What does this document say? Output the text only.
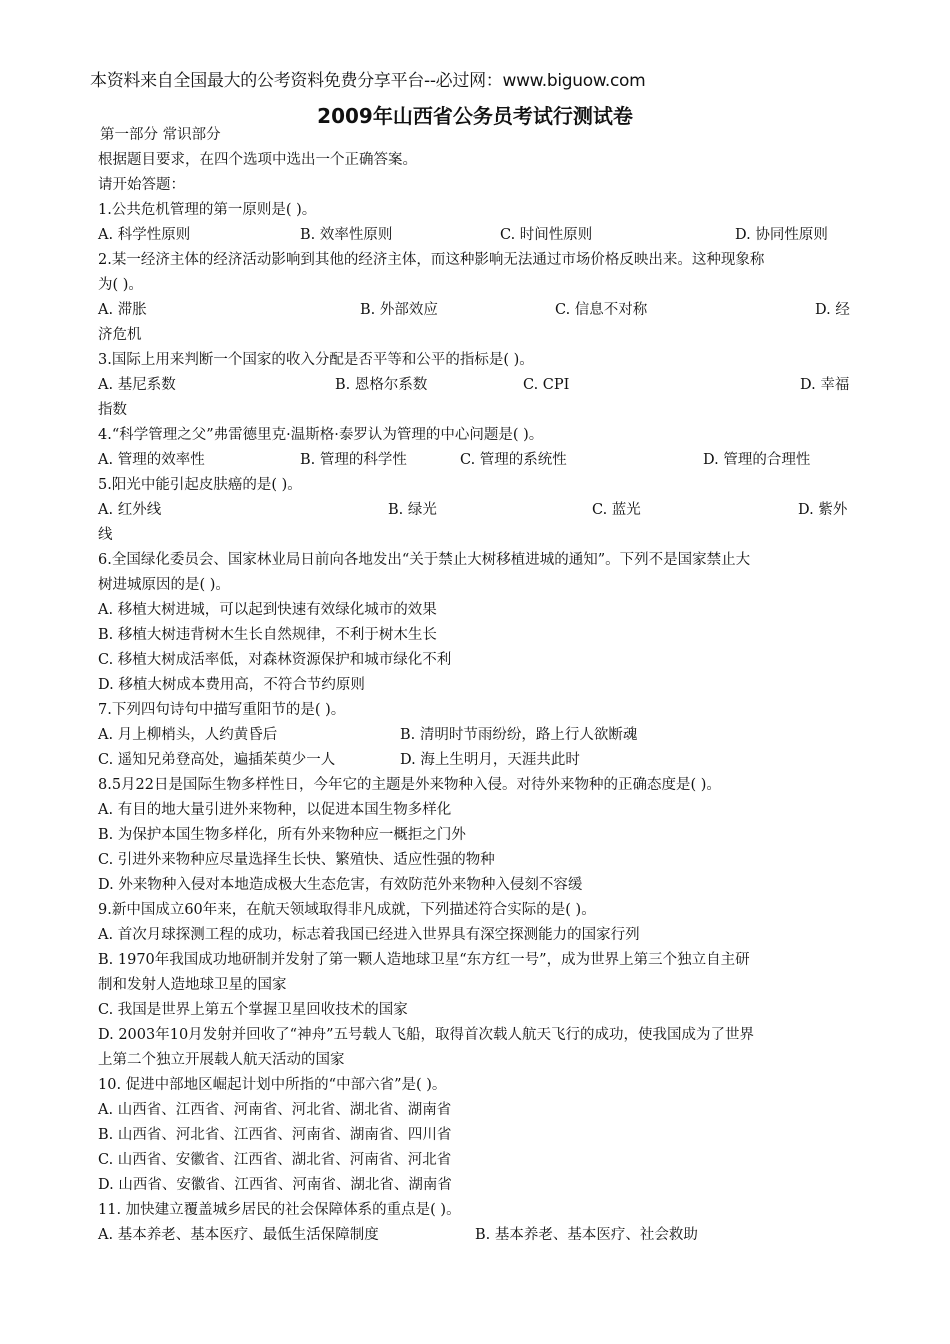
本资料来自全国最大的公考资料免费分享平台--必过网：www.biguow.com
2009年山西省公务员考试行测试卷
第一部分 常识部分
根据题目要求，在四个选项中选出一个正确答案。
请开始答题：
1.公共危机管理的第一原则是( )。
A. 科学性原则	B. 效率性原则	C. 时间性原则	D. 协同性原则
2.某一经济主体的经济活动影响到其他的经济主体，而这种影响无法通过市场价格反映出来。这种现象称
为( )。
A. 滞胀	B. 外部效应	C. 信息不对称	D. 经
济危机
3.国际上用来判断一个国家的收入分配是否平等和公平的指标是( )。
A. 基尼系数	B. 恩格尔系数	C. CPI	D. 幸福
指数
4.“科学管理之父”弗雷德里克·温斯格·泰罗认为管理的中心问题是( )。
A. 管理的效率性	B. 管理的科学性	C. 管理的系统性	D. 管理的合理性
5.阳光中能引起皮肤癌的是( )。
A. 红外线	B. 绿光	C. 蓝光	D. 紫外
线
6.全国绿化委员会、国家林业局日前向各地发出“关于禁止大树移植进城的通知”。下列不是国家禁止大
树进城原因的是( )。
A. 移植大树进城，可以起到快速有效绿化城市的效果
B. 移植大树违背树木生长自然规律，不利于树木生长
C. 移植大树成活率低，对森林资源保护和城市绿化不利
D. 移植大树成本费用高，不符合节约原则
7.下列四句诗句中描写重阳节的是( )。
A. 月上柳梢头，人约黄昏后	B. 清明时节雨纷纷，路上行人欲断魂
C. 遥知兄弟登高处，遍插茱萸少一人	D. 海上生明月，天涯共此时
8.5月22日是国际生物多样性日，今年它的主题是外来物种入侵。对待外来物种的正确态度是( )。
A. 有目的地大量引进外来物种，以促进本国生物多样化
B. 为保护本国生物多样化，所有外来物种应一概拒之门外
C. 引进外来物种应尽量选择生长快、繁殖快、适应性强的物种
D. 外来物种入侵对本地造成极大生态危害，有效防范外来物种入侵刻不容缓
9.新中国成立60年来，在航天领域取得非凡成就，下列描述符合实际的是( )。
A. 首次月球探测工程的成功，标志着我国已经进入世界具有深空探测能力的国家行列
B. 1970年我国成功地研制并发射了第一颗人造地球卫星“东方红一号”，成为世界上第三个独立自主研
制和发射人造地球卫星的国家
C. 我国是世界上第五个掌握卫星回收技术的国家
D. 2003年10月发射并回收了“神舟”五号载人飞船，取得首次载人航天飞行的成功，使我国成为了世界
上第二个独立开展载人航天活动的国家
10. 促进中部地区崛起计划中所指的“中部六省”是( )。
A. 山西省、江西省、河南省、河北省、湖北省、湖南省
B. 山西省、河北省、江西省、河南省、湖南省、四川省
C. 山西省、安徽省、江西省、湖北省、河南省、河北省
D. 山西省、安徽省、江西省、河南省、湖北省、湖南省
11. 加快建立覆盖城乡居民的社会保障体系的重点是( )。
A. 基本养老、基本医疗、最低生活保障制度	B. 基本养老、基本医疗、社会救助
